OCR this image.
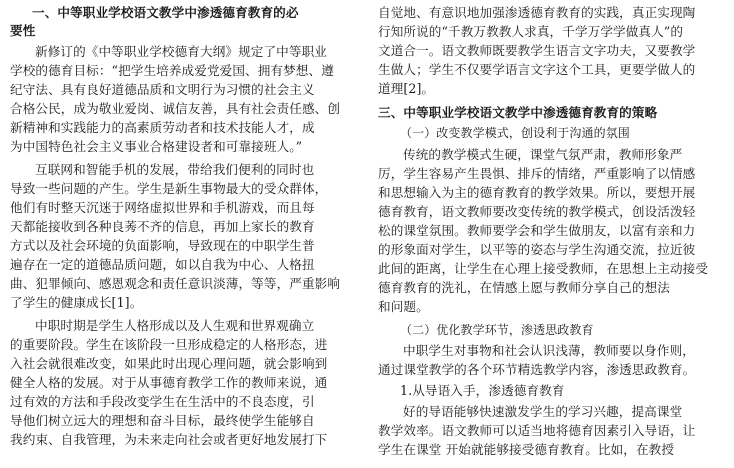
一、中等职业学校语文教学中渗透德育教育的必
要性
新修订的《中等职业学校德育大纲》规定了中等职业
学校的德育目标：“把学生培养成爱党爱国、拥有梦想、遵
纪守法、具有良好道德品质和文明行为习惯的社会主义
合格公民，成为敬业爱岗、诚信友善，具有社会责任感、创
新精神和实践能力的高素质劳动者和技术技能人才，成
为中国特色社会主义事业合格建设者和可靠接班人。”
互联网和智能手机的发展，带给我们便利的同时也
导致一些问题的产生。学生是新生事物最大的受众群体，
他们有时整天沉迷于网络虚拟世界和手机游戏，而且每
天都能接收到各种良莠不齐的信息，再加上家长的教育
方式以及社会环境的负面影响，导致现在的中职学生普
遍存在一定的道德品质问题，如以自我为中心、人格扭
曲、犯罪倾向、感恩观念和责任意识淡薄，等等，严重影响
了学生的健康成长[1]。
中职时期是学生人格形成以及人生观和世界观确立
的重要阶段。学生在该阶段一旦形成稳定的人格形态，进
入社会就很难改变，如果此时出现心理问题，就会影响到
健全人格的发展。对于从事德育教学工作的教师来说，通
过有效的方法和手段改变学生在生活中的不良态度，引
导他们树立远大的理想和奋斗目标，最终使学生能够自
我约束、自我管理，为未来走向社会或者更好地发展打下
自觉地、有意识地加强渗透德育教育的实践，真正实现陶
行知所说的“千教万教教人求真，千学万学学做真人”的
文道合一。语文教师既要教学生语言文字功夫，又要教学
生做人；学生不仅要学语言文字这个工具，更要学做人的
道理[2]。
三、中等职业学校语文教学中渗透德育教育的策略
（一）改变教学模式，创设利于沟通的氛围
传统的教学模式生硬，课堂气氛严肃，教师形象严
厉，学生容易产生畏惧、排斥的情绪，严重影响了以情感
和思想输入为主的德育教育的教学效果。所以，要想开展
德育教育，语文教师要改变传统的教学模式，创设活泼轻
松的课堂氛围。教师要学会和学生做朋友，以富有亲和力
的形象面对学生，以平等的姿态与学生沟通交流，拉近彼
此间的距离，让学生在心理上接受教师，在思想上主动接受
德育教育的洗礼，在情感上愿与教师分享自己的想法
和问题。
（二）优化教学环节，渗透思政教育
中职学生对事物和社会认识浅薄，教师要以身作则，
通过课堂教学的各个环节精选教学内容，渗透思政教育。
1.从导语入手，渗透德育教育
好的导语能够快速激发学生的学习兴趣，提高课堂
教学效率。语文教师可以适当地将德育因素引入导语，让
学生在课堂 开始就能够接受德育教育。比如，在教授
